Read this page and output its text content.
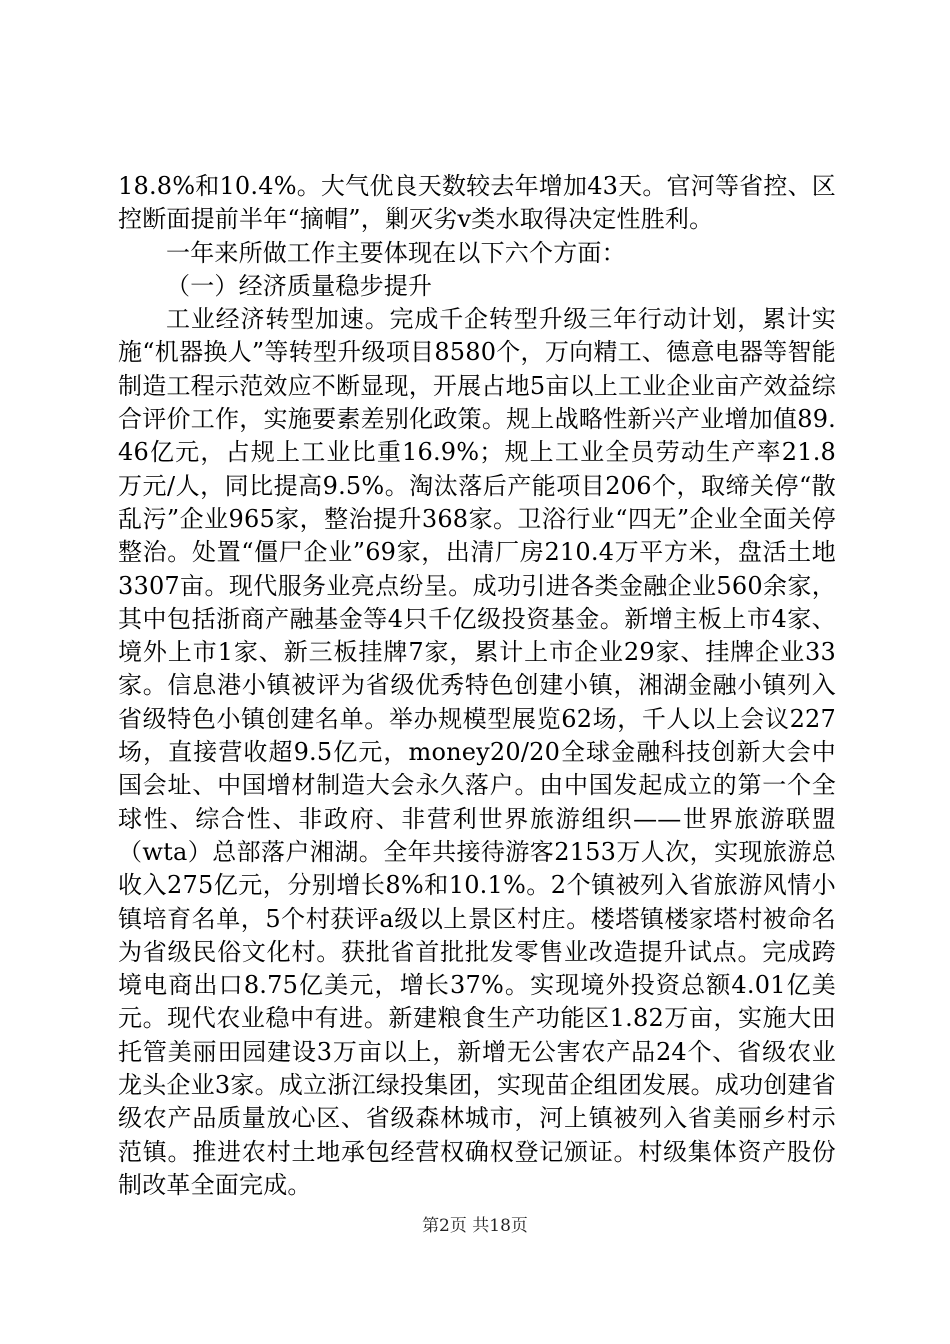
18.8%和10.4%。大气优良天数较去年增加43天。官河等省控、区控断面提前半年“摘帽”，剿灭劣v类水取得决定性胜利。

一年来所做工作主要体现在以下六个方面：

（一）经济质量稳步提升

工业经济转型加速。完成千企转型升级三年行动计划，累计实施“机器换人”等转型升级项目8580个，万向精工、德意电器等智能制造工程示范效应不断显现，开展占地5亩以上工业企业亩产效益综合评价工作，实施要素差别化政策。规上战略性新兴产业增加值89.46亿元，占规上工业比重16.9%；规上工业全员劳动生产率21.8万元/人，同比提高9.5%。淘汰落后产能项目206个，取缔关停“散乱污”企业965家，整治提升368家。卫浴行业“四无”企业全面关停整治。处置“僵尸企业”69家，出清厂房210.4万平方米，盘活土地3307亩。现代服务业亮点纷呈。成功引进各类金融企业560余家，其中包括浙商产融基金等4只千亿级投资基金。新增主板上市4家、境外上市1家、新三板挂牌7家，累计上市企业29家、挂牌企业33家。信息港小镇被评为省级优秀特色创建小镇，湘湖金融小镇列入省级特色小镇创建名单。举办规模型展览62场，千人以上会议227场，直接营收超9.5亿元，money20/20全球金融科技创新大会中国会址、中国增材制造大会永久落户。由中国发起成立的第一个全球性、综合性、非政府、非营利世界旅游组织——世界旅游联盟（wta）总部落户湘湖。全年共接待游客2153万人次，实现旅游总收入275亿元，分别增长8%和10.1%。2个镇被列入省旅游风情小镇培育名单，5个村获评a级以上景区村庄。楼塔镇楼家塔村被命名为省级民俗文化村。获批省首批批发零售业改造提升试点。完成跨境电商出口8.75亿美元，增长37%。实现境外投资总额4.01亿美元。现代农业稳中有进。新建粮食生产功能区1.82万亩，实施大田托管美丽田园建设3万亩以上，新增无公害农产品24个、省级农业龙头企业3家。成立浙江绿投集团，实现苗企组团发展。成功创建省级农产品质量放心区、省级森林城市，河上镇被列入省美丽乡村示范镇。推进农村土地承包经营权确权登记颁证。村级集体资产股份制改革全面完成。

第2页 共18页
